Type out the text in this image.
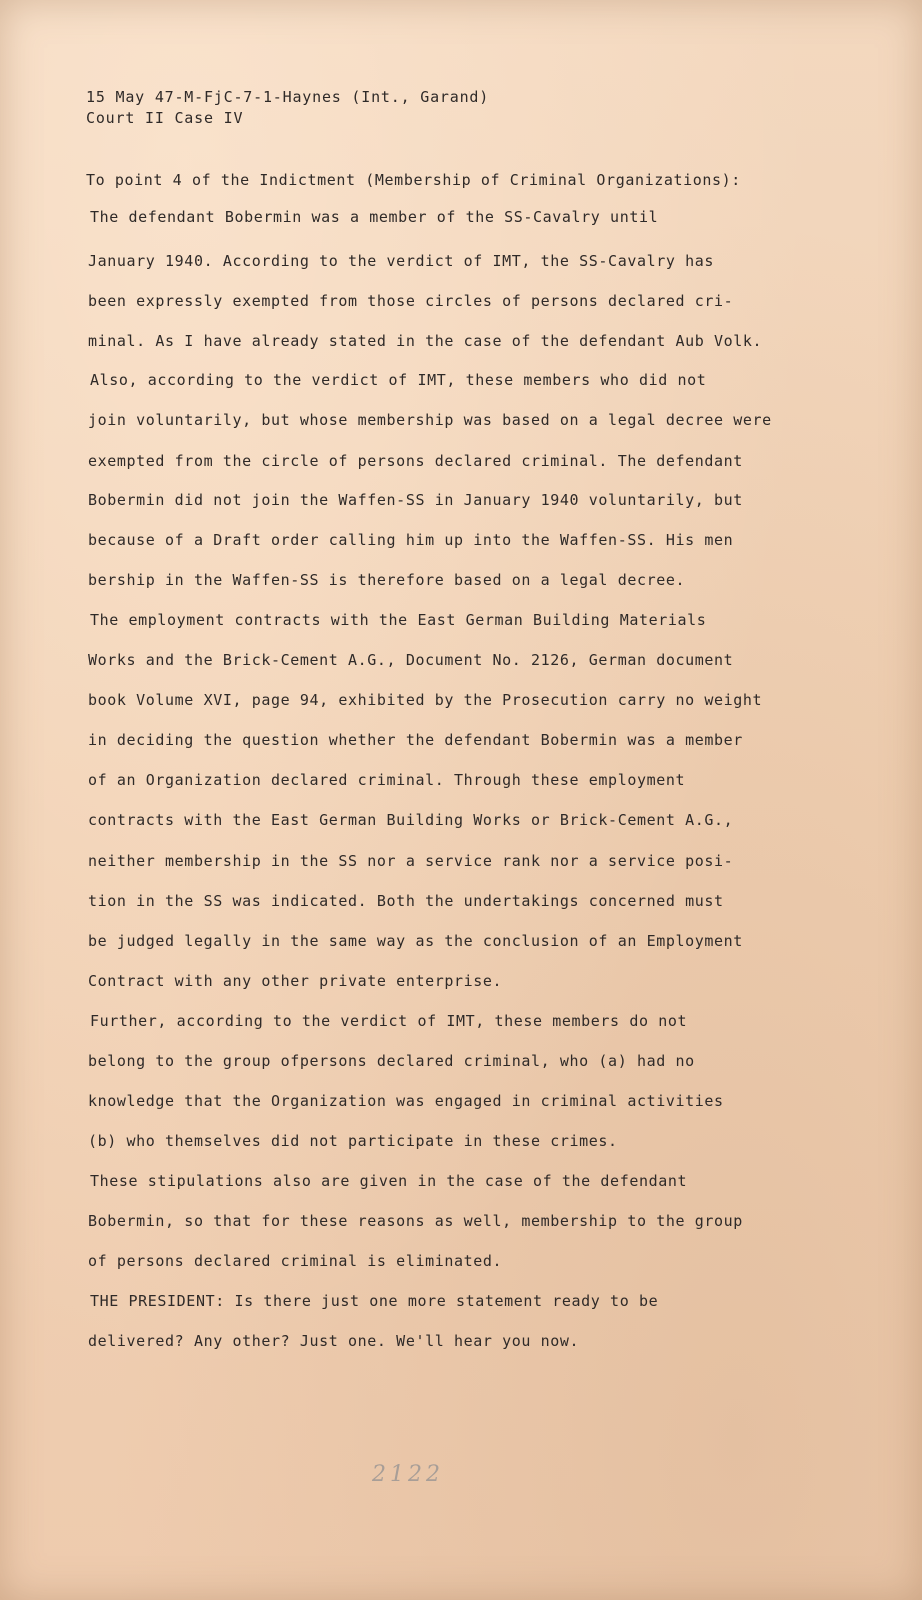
15 May 47-M-FjC-7-1-Haynes (Int., Garand)
Court II Case IV
To point 4 of the Indictment (Membership of Criminal Organizations):
The defendant Bobermin was a member of the SS-Cavalry until
January 1940. According to the verdict of IMT, the SS-Cavalry has
been expressly exempted from those circles of persons declared cri-
minal. As I have already stated in the case of the defendant Aub Volk.
Also, according to the verdict of IMT, these members who did not
join voluntarily, but whose membership was based on a legal decree were
exempted from the circle of persons declared criminal. The defendant
Bobermin did not join the Waffen-SS in January 1940 voluntarily, but
because of a Draft order calling him up into the Waffen-SS. His men
bership in the Waffen-SS is therefore based on a legal decree.
The employment contracts with the East German Building Materials
Works and the Brick-Cement A.G., Document No. 2126, German document
book Volume XVI, page 94, exhibited by the Prosecution carry no weight
in deciding the question whether the defendant Bobermin was a member
of an Organization declared criminal. Through these employment
contracts with the East German Building Works or Brick-Cement A.G.,
neither membership in the SS nor a service rank nor a service posi-
tion in the SS was indicated. Both the undertakings concerned must
be judged legally in the same way as the conclusion of an Employment
Contract with any other private enterprise.
Further, according to the verdict of IMT, these members do not
belong to the group ofpersons declared criminal, who (a) had no
knowledge that the Organization was engaged in criminal activities
(b) who themselves did not participate in these crimes.
These stipulations also are given in the case of the defendant
Bobermin, so that for these reasons as well, membership to the group
of persons declared criminal is eliminated.
THE PRESIDENT: Is there just one more statement ready to be
delivered? Any other? Just one. We'll hear you now.
2122
